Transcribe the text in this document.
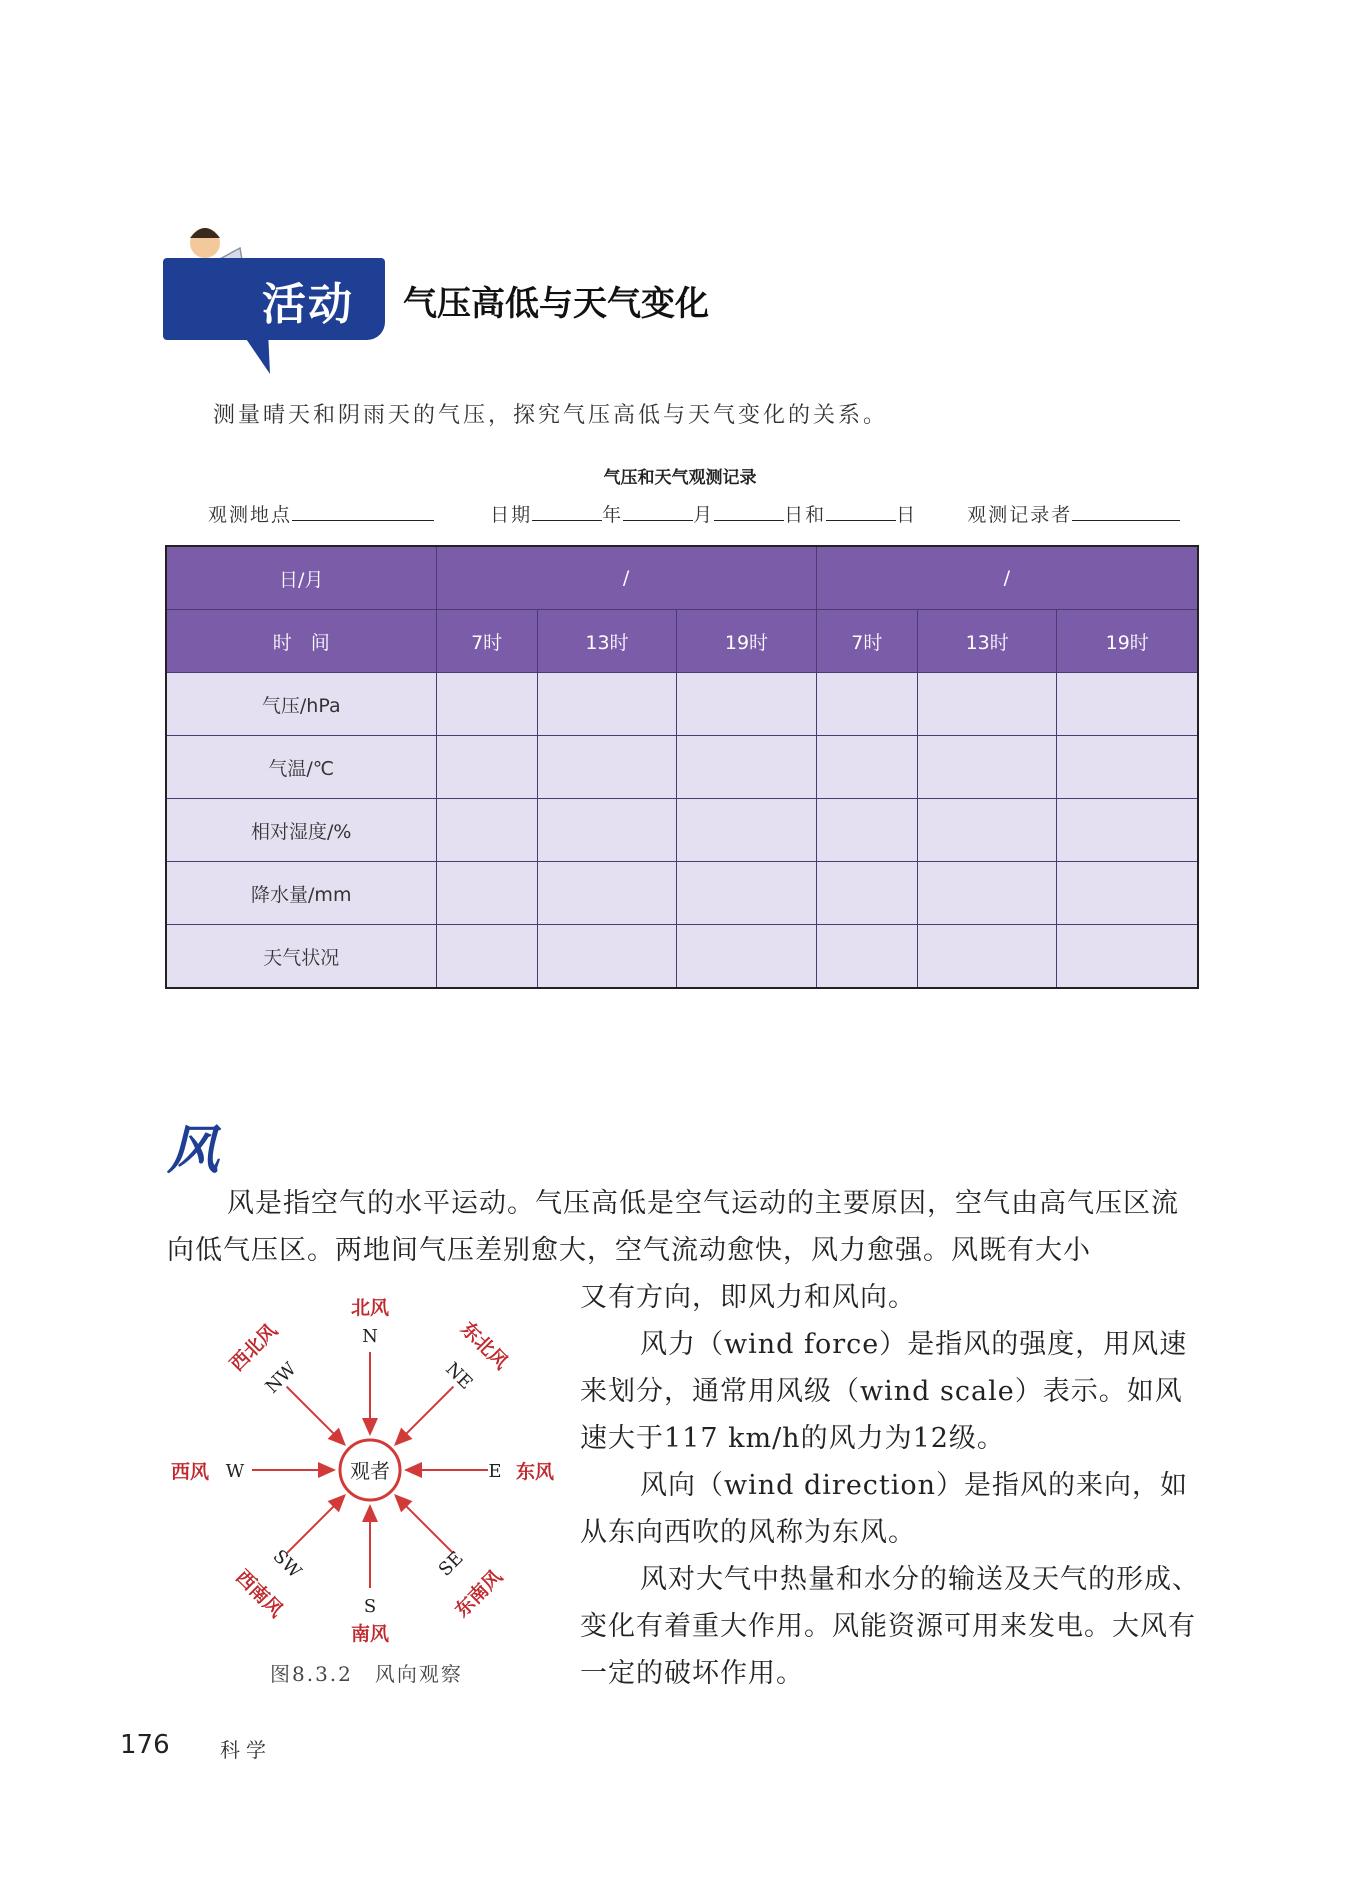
活动 气压高低与天气变化
测量晴天和阴雨天的气压，探究气压高低与天气变化的关系。
气压和天气观测记录
观测地点	日期	年	月	日和	日	观测记录者
日/月	/			/		
时　间	7时	13时	19时	7时	13时	19时
气压/hPa						
气温/℃						
相对湿度/%						
降水量/mm						
天气状况						
风
风是指空气的水平运动。气压高低是空气运动的主要原因，空气由高气压区流向低气压区。两地间气压差别愈大，空气流动愈快，风力愈强。风既有大小
又有方向，即风力和风向。
风力（wind force）是指风的强度，用风速来划分，通常用风级（wind scale）表示。如风速大于117 km/h的风力为12级。
风向（wind direction）是指风的来向，如从东向西吹的风称为东风。
风对大气中热量和水分的输送及天气的形成、变化有着重大作用。风能资源可用来发电。大风有一定的破坏作用。
观者
N
S
E
W
NE
NW
SE
SW
北风
南风
东风
西风
东北风
西北风
东南风
西南风
图8.3.2　风向观察
176	科学
